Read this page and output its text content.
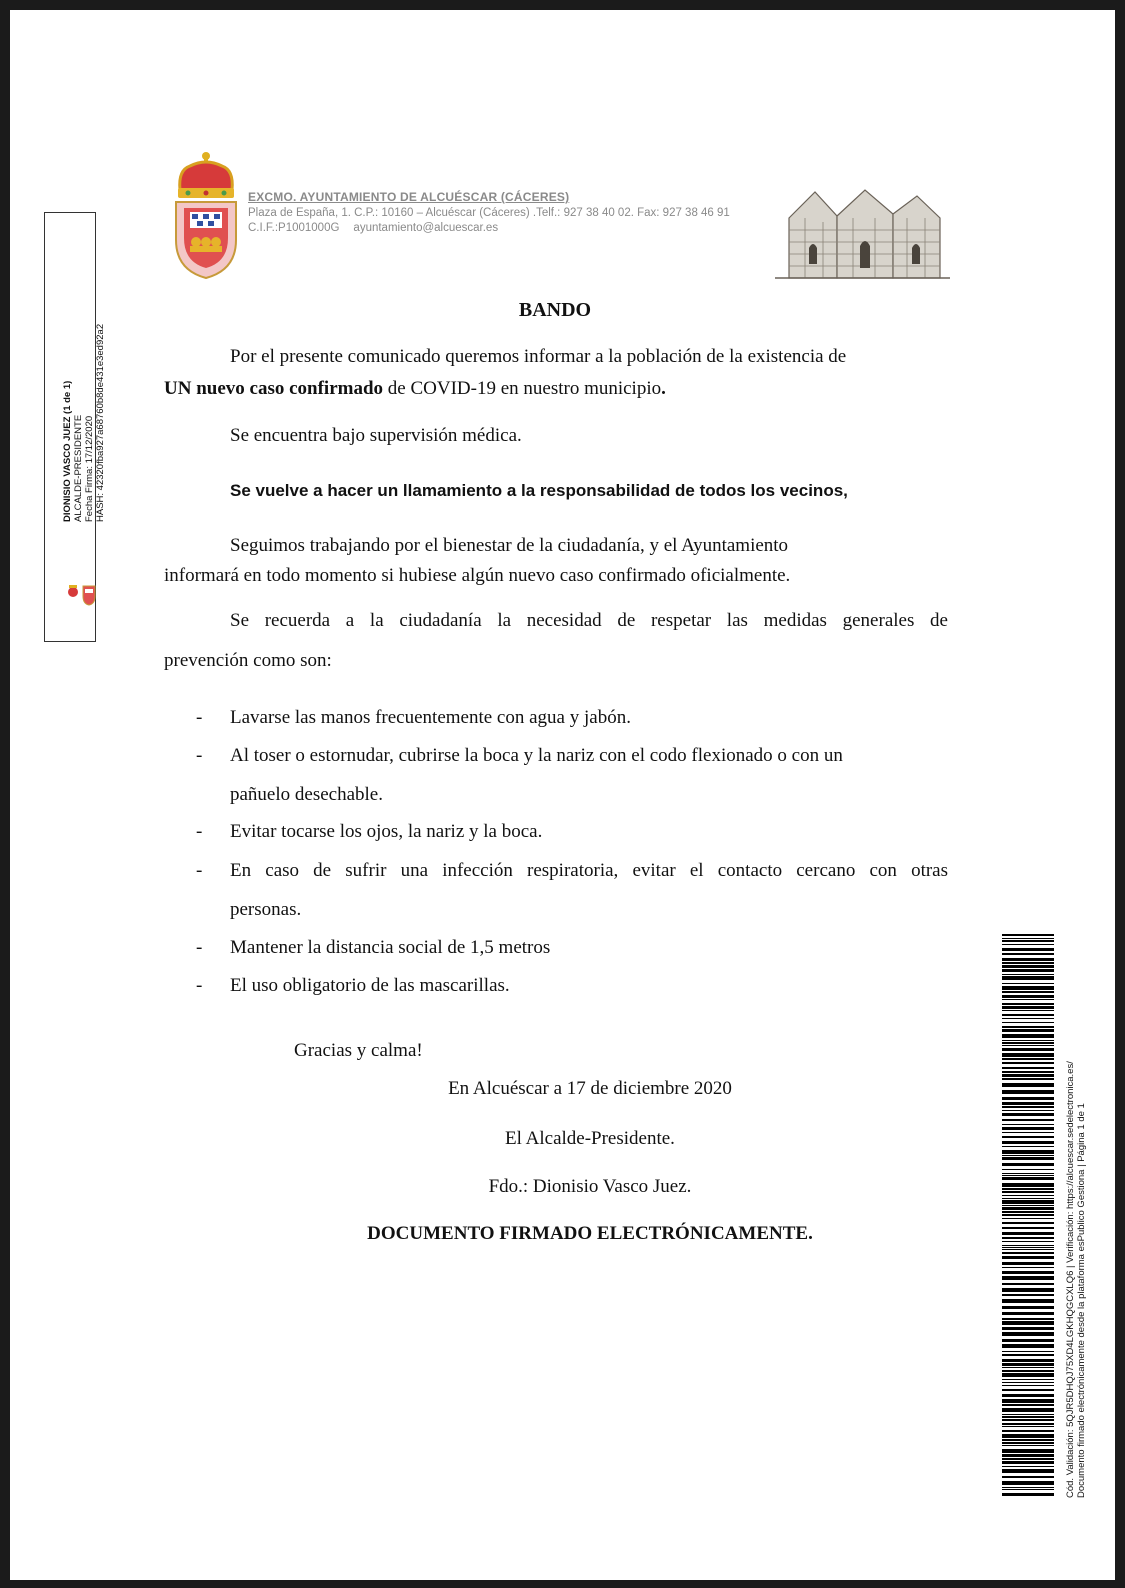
EXCMO. AYUNTAMIENTO DE ALCUÉSCAR (CÁCERES)
Plaza de España, 1. C.P.: 10160 – Alcuéscar (Cáceres) .Telf.: 927 38 40 02. Fax: 927 38 46 91
C.I.F.:P1001000G ayuntamiento@alcuescar.es
DIONISIO VASCO JUEZ (1 de 1) ALCALDE-PRESIDENTE Fecha Firma: 17/12/2020 HASH: 42320fba927a68760b8de431e3ed92a2
BANDO
Por el presente comunicado queremos informar a la población de la existencia de
UN nuevo caso confirmado de COVID-19 en nuestro municipio.
Se encuentra bajo supervisión médica.
Se vuelve a hacer un llamamiento a la responsabilidad de todos los vecinos,
Seguimos trabajando por el bienestar de la ciudadanía, y el Ayuntamiento
informará en todo momento si hubiese algún nuevo caso confirmado oficialmente.
Se recuerda a la ciudadanía la necesidad de respetar las medidas generales de
prevención como son:
- Lavarse las manos frecuentemente con agua y jabón.
- Al toser o estornudar, cubrirse la boca y la nariz con el codo flexionado o con un
pañuelo desechable.
- Evitar tocarse los ojos, la nariz y la boca.
- En caso de sufrir una infección respiratoria, evitar el contacto cercano con otras
personas.
- Mantener la distancia social de 1,5 metros
- El uso obligatorio de las mascarillas.
Gracias y calma!
En Alcuéscar a 17 de diciembre 2020
El Alcalde-Presidente.
Fdo.: Dionisio Vasco Juez.
DOCUMENTO FIRMADO ELECTRÓNICAMENTE.	Cód. Validación: 5QJR5DHQJ75XD4LGKHQGCXLQ6 | Verificación: https://alcuescar.sedelectronica.es/ Documento firmado electrónicamente desde la plataforma esPublico Gestiona | Página 1 de 1
